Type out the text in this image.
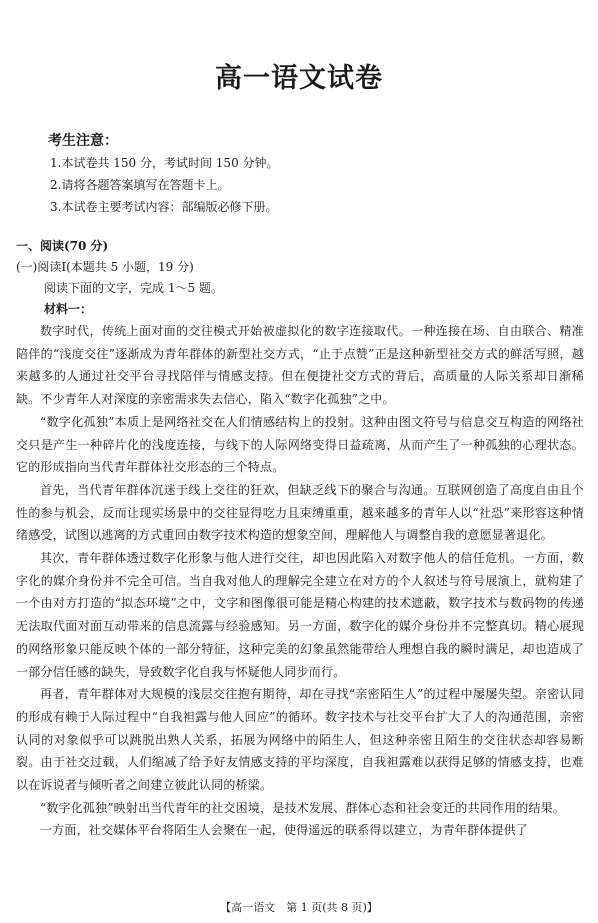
高一语文试卷
考生注意：
1.本试卷共 150 分，考试时间 150 分钟。
2.请将各题答案填写在答题卡上。
3.本试卷主要考试内容：部编版必修下册。
一、阅读(70 分)
(一)阅读Ⅰ(本题共 5 小题，19 分)
阅读下面的文字，完成 1～5 题。
材料一：

数字时代，传统上面对面的交往模式开始被虚拟化的数字连接取代。一种连接在场、自由联合、精准陪伴的“浅度交往”逐渐成为青年群体的新型社交方式，“止于点赞”正是这种新型社交方式的鲜活写照，越来越多的人通过社交平台寻找陪伴与情感支持。但在便捷社交方式的背后，高质量的人际关系却日渐稀缺。不少青年人对深度的亲密需求失去信心，陷入“数字化孤独”之中。

“数字化孤独”本质上是网络社交在人们情感结构上的投射。这种由图文符号与信息交互构造的网络社交只是产生一种碎片化的浅度连接，与线下的人际网络变得日益疏离，从而产生了一种孤独的心理状态。它的形成指向当代青年群体社交形态的三个特点。

首先，当代青年群体沉迷于线上交往的狂欢，但缺乏线下的聚合与沟通。互联网创造了高度自由且个性的参与机会，反而让现实场景中的交往显得吃力且束缚重重，越来越多的青年人以“社恐”来形容这种情绪感受，试图以逃离的方式重回由数字技术构造的想象空间，理解他人与调整自我的意愿显著退化。

其次，青年群体透过数字化形象与他人进行交往，却也因此陷入对数字他人的信任危机。一方面，数字化的媒介身份并不完全可信。当自我对他人的理解完全建立在对方的个人叙述与符号展演上，就构建了一个由对方打造的“拟态环境”之中，文字和图像很可能是精心构建的技术遮蔽，数字技术与数码物的传递无法取代面对面互动带来的信息流露与经验感知。另一方面，数字化的媒介身份并不完整真切。精心展现的网络形象只能反映个体的一部分特征，这种完美的幻象虽然能带给人理想自我的瞬时满足，却也造成了一部分信任感的缺失，导致数字化自我与怀疑他人同步而行。

再者，青年群体对大规模的浅层交往抱有期待，却在寻找“亲密陌生人”的过程中屡屡失望。亲密认同的形成有赖于人际过程中“自我袒露与他人回应”的循环。数字技术与社交平台扩大了人的沟通范围，亲密认同的对象似乎可以跳脱出熟人关系，拓展为网络中的陌生人，但这种亲密且陌生的交往状态却容易断裂。由于社交过载，人们缩减了给予好友情感支持的平均深度，自我袒露难以获得足够的情感支持，也难以在诉说者与倾听者之间建立彼此认同的桥梁。

“数字化孤独”映射出当代青年的社交困境，是技术发展、群体心态和社会变迁的共同作用的结果。

一方面，社交媒体平台将陌生人会聚在一起，使得遥远的联系得以建立，为青年群体提供了

【高一语文　第 1 页(共 8 页)】
